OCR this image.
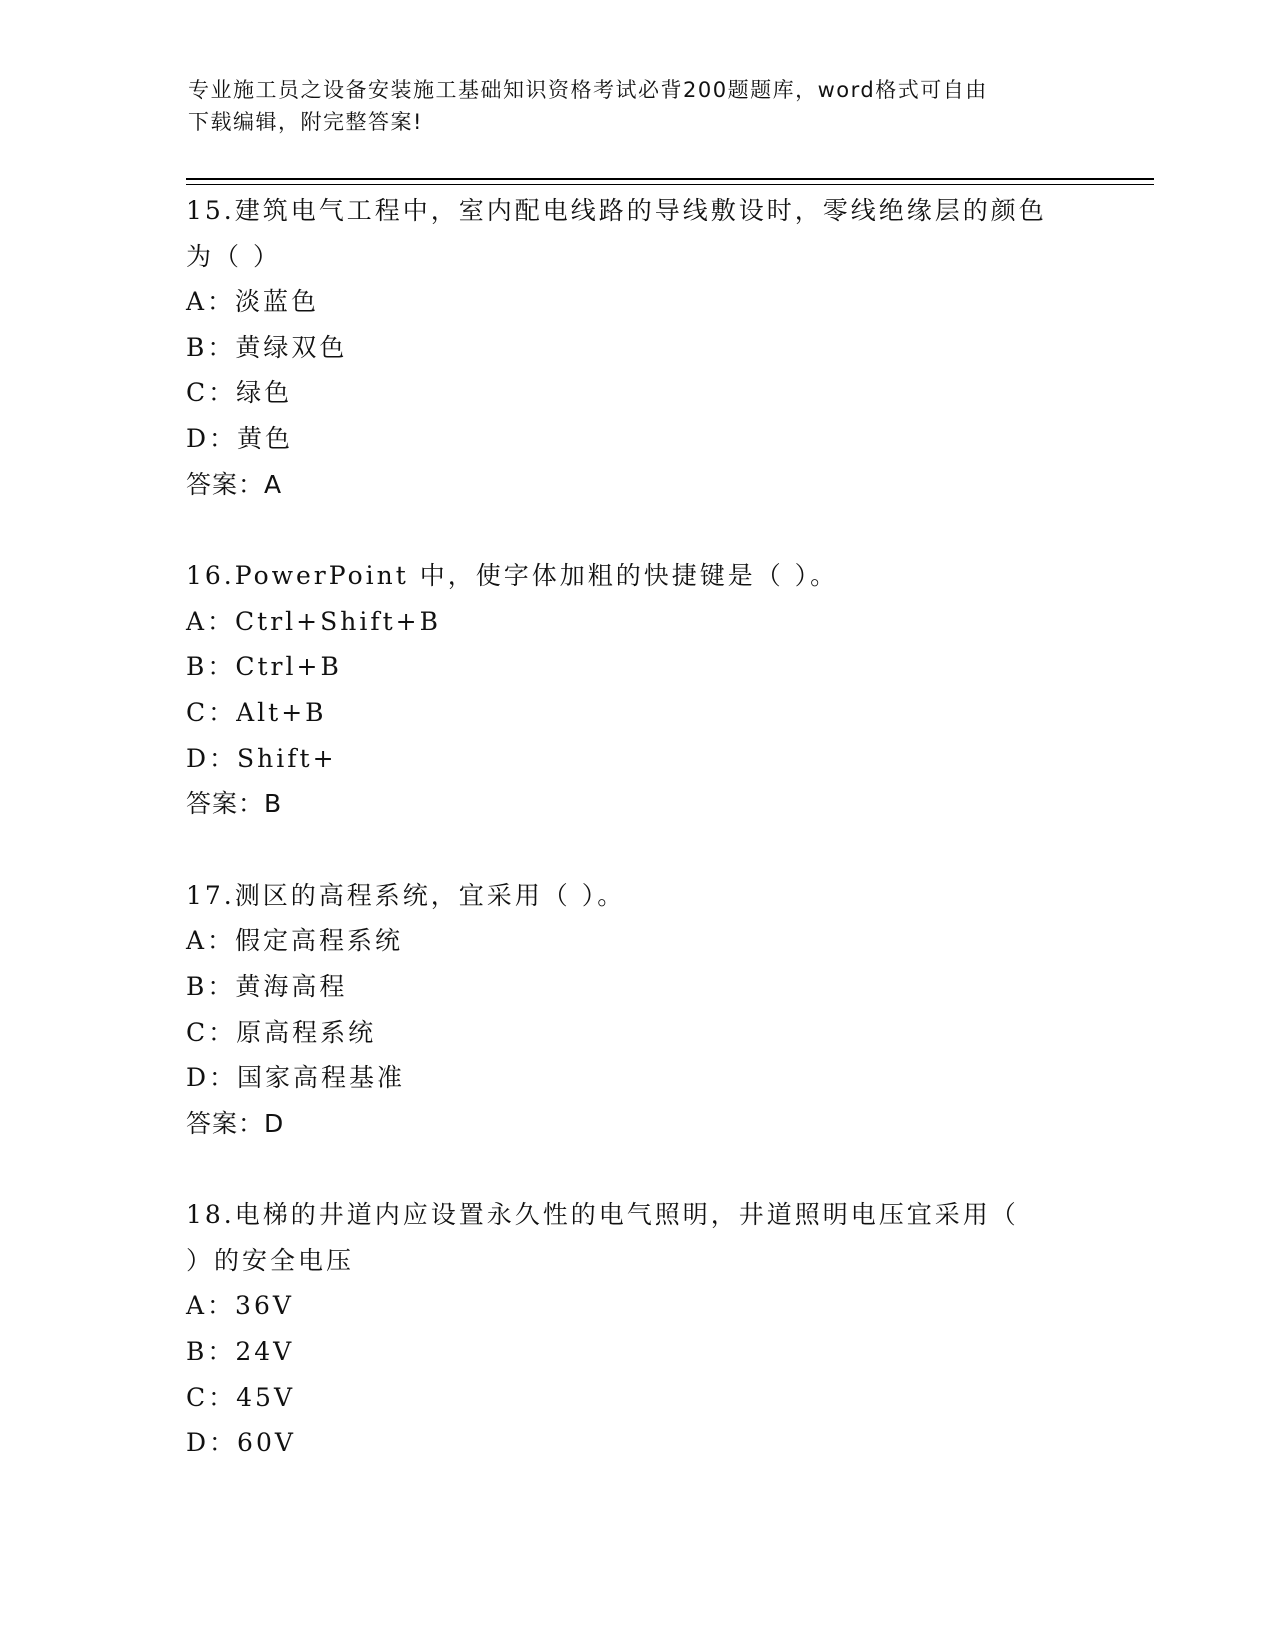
专业施工员之设备安装施工基础知识资格考试必背200题题库，word格式可自由
下载编辑，附完整答案!
15.建筑电气工程中，室内配电线路的导线敷设时，零线绝缘层的颜色
为（ ）
A：淡蓝色
B：黄绿双色
C：绿色
D：黄色
答案：A
16.PowerPoint 中，使字体加粗的快捷键是（ ）。
A：Ctrl+Shift+B
B：Ctrl+B
C：Alt+B
D：Shift+
答案：B
17.测区的高程系统，宜采用（ ）。
A：假定高程系统
B：黄海高程
C：原高程系统
D：国家高程基准
答案：D
18.电梯的井道内应设置永久性的电气照明，井道照明电压宜采用（
）的安全电压
A：36V
B：24V
C：45V
D：60V
